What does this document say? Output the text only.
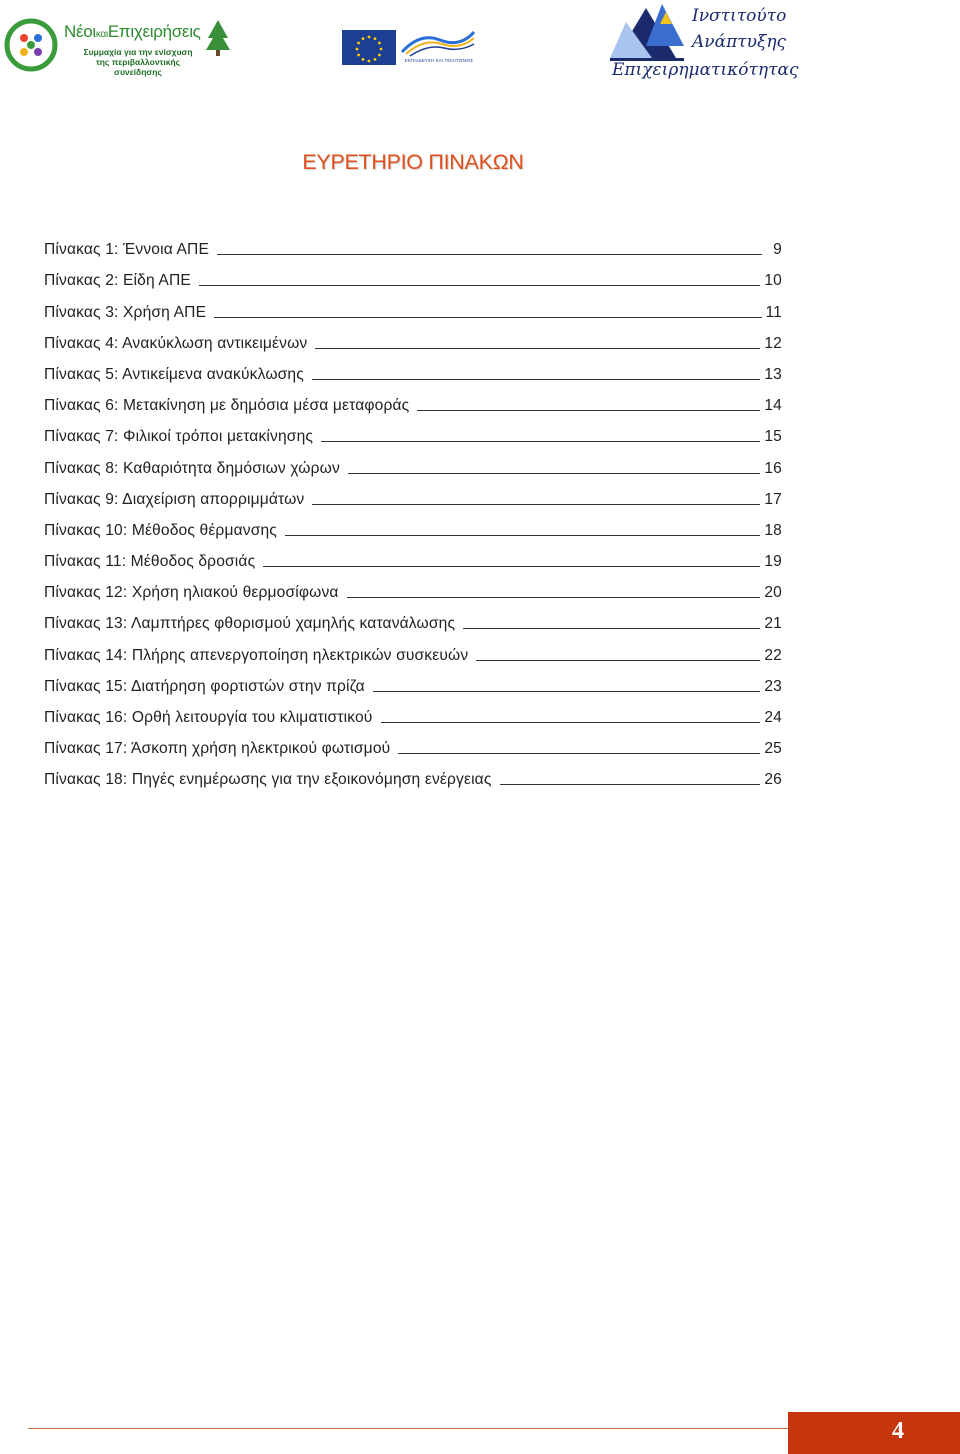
ΝέοικαιΕπιχειρήσεις
Συμμαχία για την ενίσχυση της περιβαλλοντικής συνείδησης
ΕΚΠΑΙΔΕΥΣΗ ΚΑΙ ΠΟΛΙΤΙΣΜΟΣ
Ινστιτούτο
Ανάπτυξης
Επιχειρηματικότητας
ΕΥΡΕΤΗΡΙΟ ΠΙΝΑΚΩΝ
Πίνακας 1: Έννοια ΑΠΕ	9
Πίνακας 2: Είδη ΑΠΕ	10
Πίνακας 3: Χρήση ΑΠΕ	11
Πίνακας 4: Ανακύκλωση αντικειμένων	12
Πίνακας 5: Αντικείμενα ανακύκλωσης	13
Πίνακας 6: Μετακίνηση με δημόσια μέσα μεταφοράς	14
Πίνακας 7: Φιλικοί τρόποι μετακίνησης	15
Πίνακας 8: Καθαριότητα δημόσιων χώρων	16
Πίνακας 9: Διαχείριση απορριμμάτων	17
Πίνακας 10: Μέθοδος θέρμανσης	18
Πίνακας 11: Μέθοδος δροσιάς	19
Πίνακας 12: Χρήση ηλιακού θερμοσίφωνα	20
Πίνακας 13: Λαμπτήρες φθορισμού χαμηλής κατανάλωσης	21
Πίνακας 14: Πλήρης απενεργοποίηση ηλεκτρικών συσκευών	22
Πίνακας 15: Διατήρηση φορτιστών στην πρίζα	23
Πίνακας 16: Ορθή λειτουργία του κλιματιστικού	24
Πίνακας 17: Άσκοπη χρήση ηλεκτρικού φωτισμού	25
Πίνακας 18: Πηγές ενημέρωσης για την εξοικονόμηση ενέργειας	26
4
